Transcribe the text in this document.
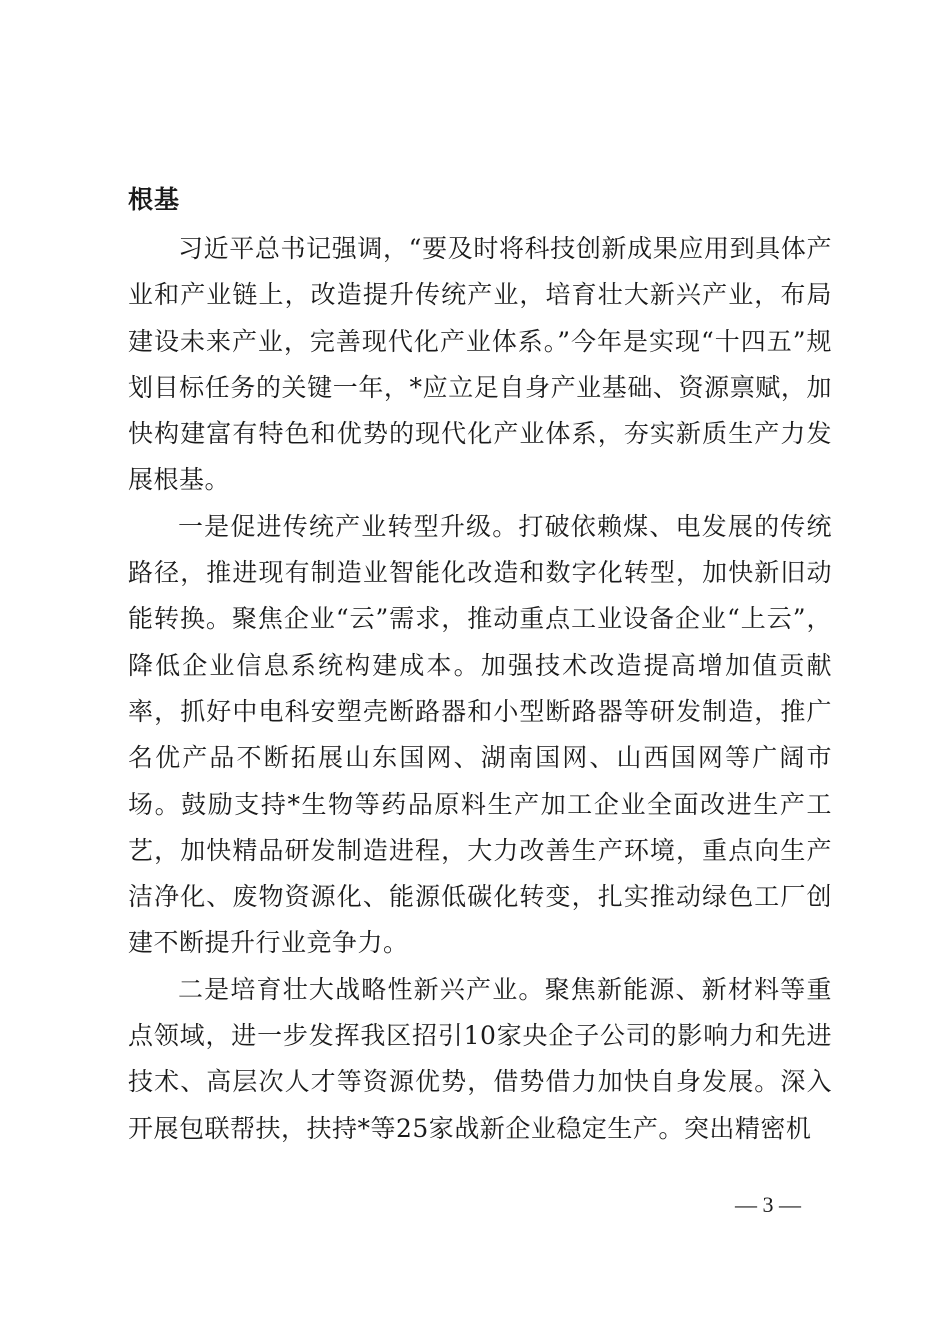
根基

习近平总书记强调，“要及时将科技创新成果应用到具体产业和产业链上，改造提升传统产业，培育壮大新兴产业，布局建设未来产业，完善现代化产业体系。”今年是实现“十四五”规划目标任务的关键一年，*应立足自身产业基础、资源禀赋，加快构建富有特色和优势的现代化产业体系，夯实新质生产力发展根基。

一是促进传统产业转型升级。打破依赖煤、电发展的传统路径，推进现有制造业智能化改造和数字化转型，加快新旧动能转换。聚焦企业“云”需求，推动重点工业设备企业“上云”，降低企业信息系统构建成本。加强技术改造提高增加值贡献率，抓好中电科安塑壳断路器和小型断路器等研发制造，推广名优产品不断拓展山东国网、湖南国网、山西国网等广阔市场。鼓励支持*生物等药品原料生产加工企业全面改进生产工艺，加快精品研发制造进程，大力改善生产环境，重点向生产洁净化、废物资源化、能源低碳化转变，扎实推动绿色工厂创建不断提升行业竞争力。

二是培育壮大战略性新兴产业。聚焦新能源、新材料等重点领域，进一步发挥我区招引10家央企子公司的影响力和先进技术、高层次人才等资源优势，借势借力加快自身发展。深入开展包联帮扶，扶持*等25家战新企业稳定生产。突出精密机

— 3 —
